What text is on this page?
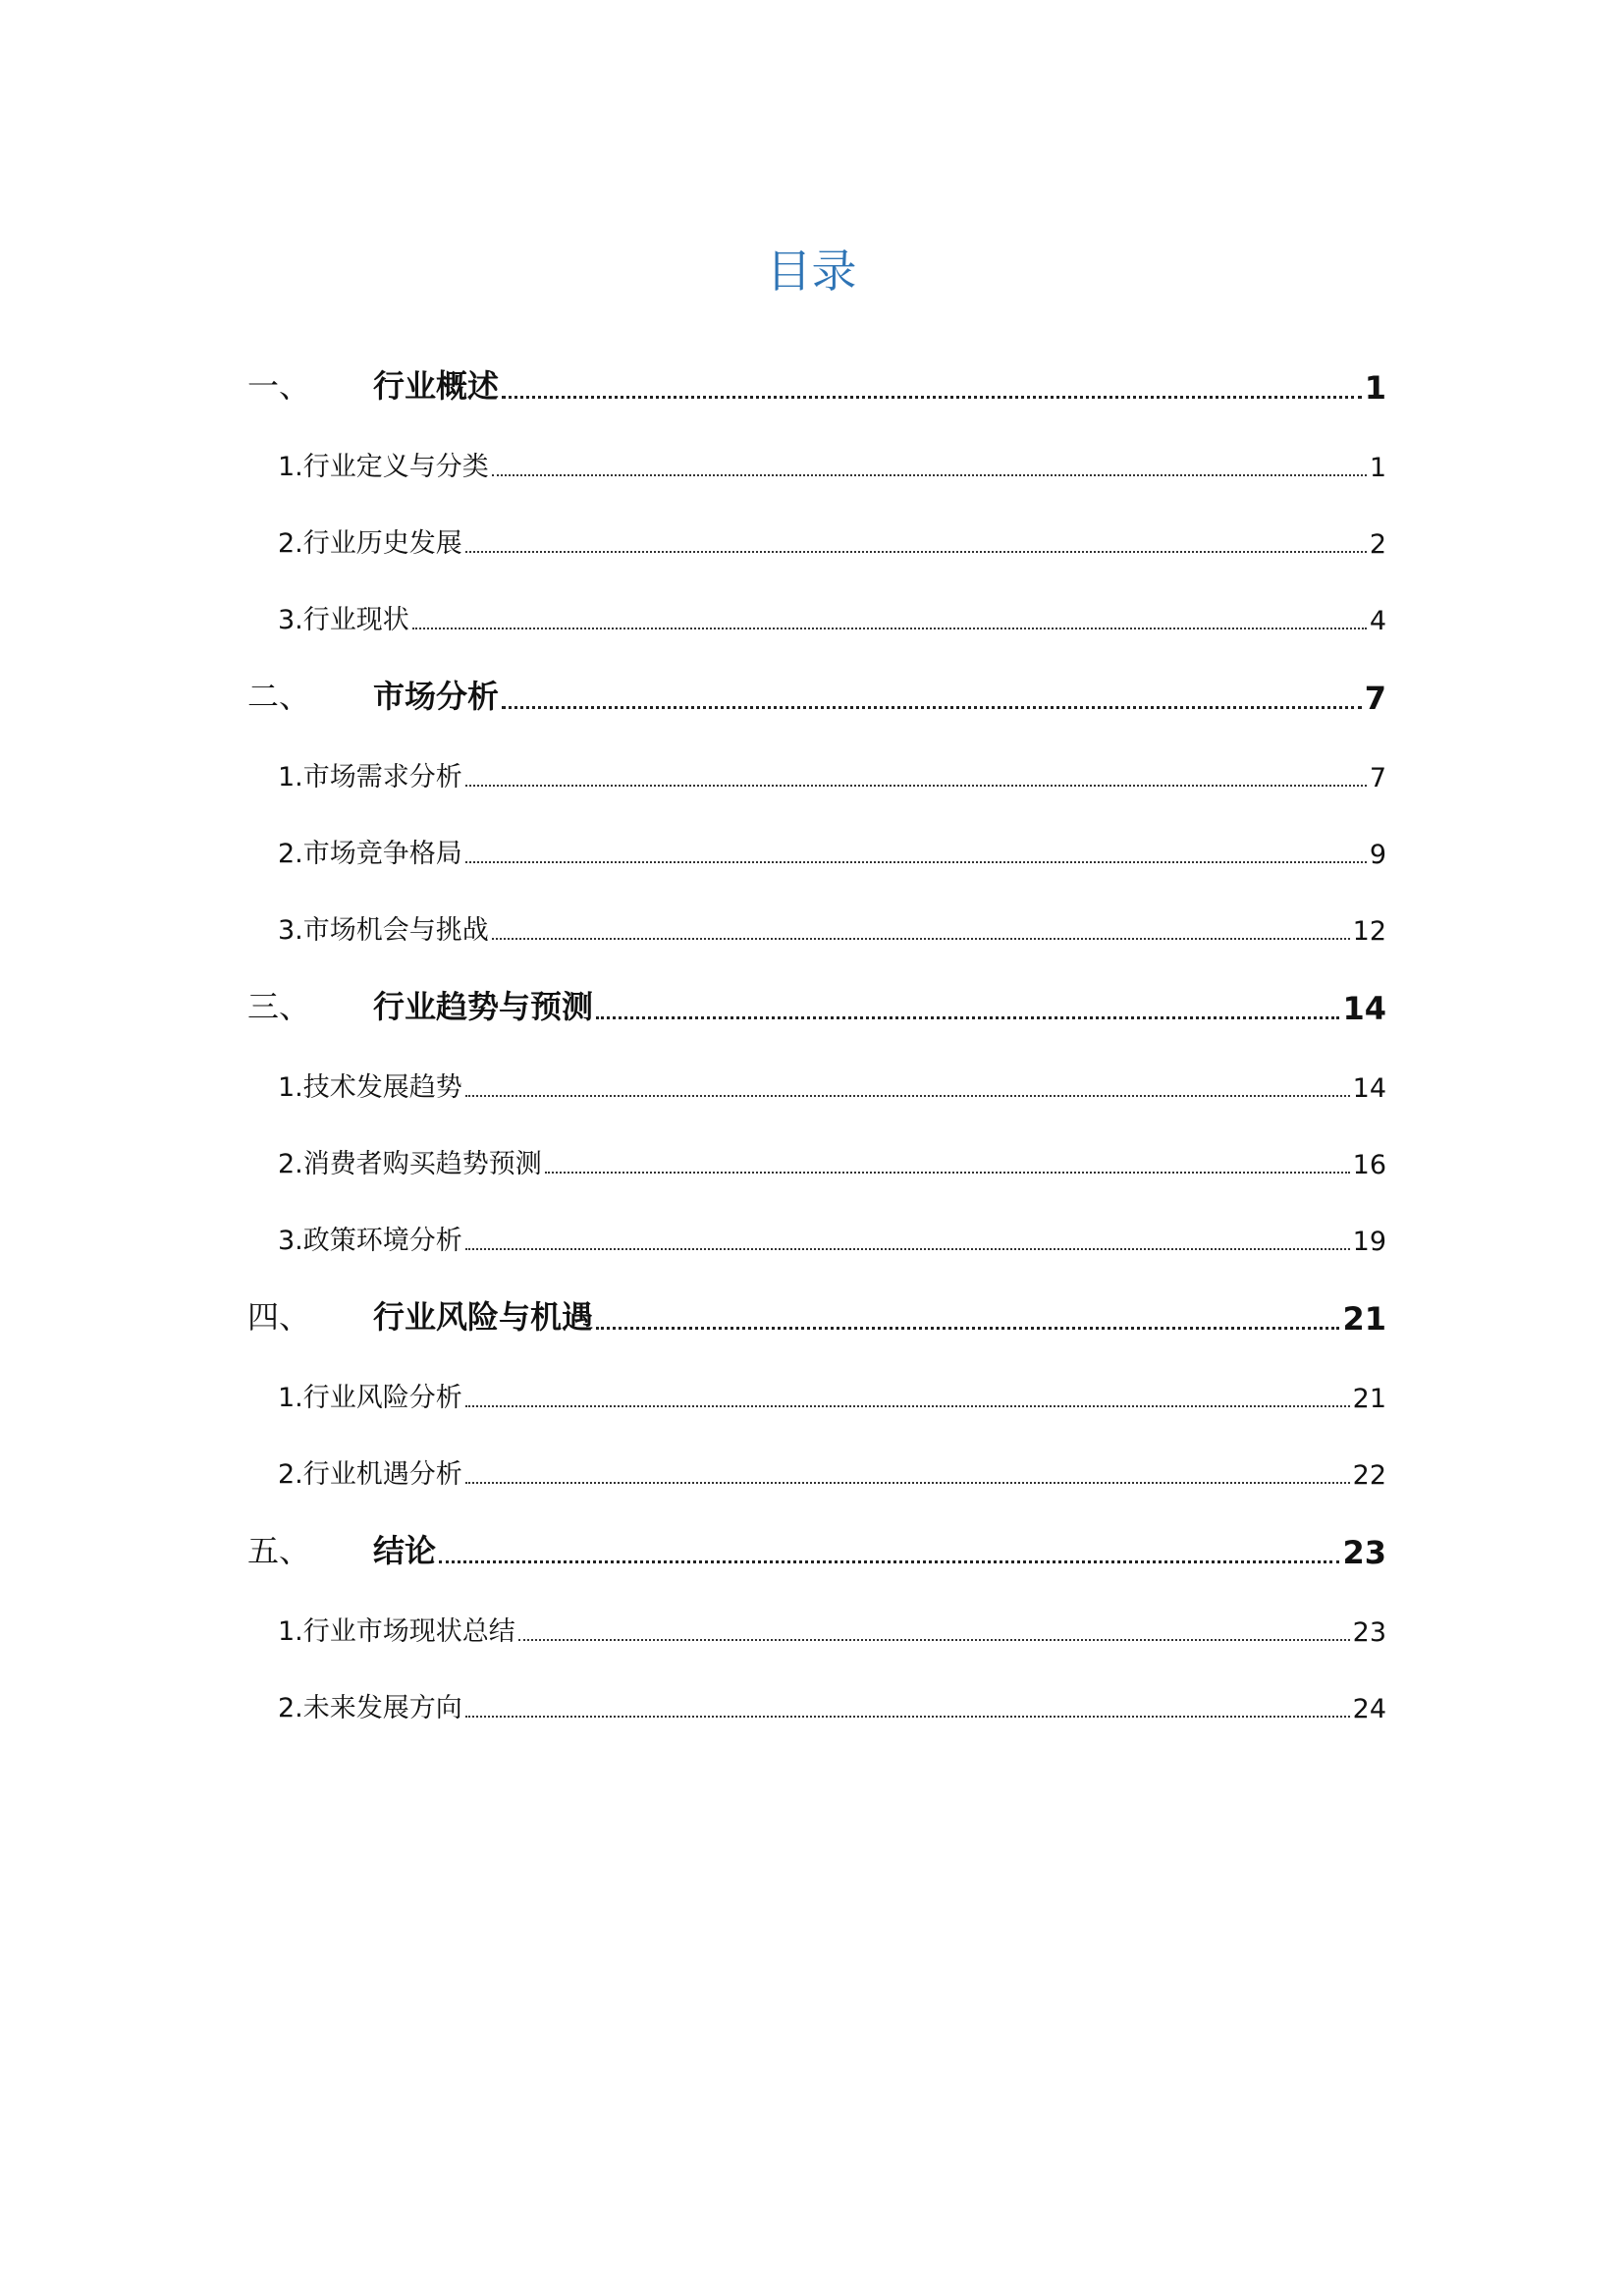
目录
一、	行业概述	1
1.行业定义与分类	1
2.行业历史发展	2
3.行业现状	4
二、	市场分析	7
1.市场需求分析	7
2.市场竞争格局	9
3.市场机会与挑战	12
三、	行业趋势与预测	14
1.技术发展趋势	14
2.消费者购买趋势预测	16
3.政策环境分析	19
四、	行业风险与机遇	21
1.行业风险分析	21
2.行业机遇分析	22
五、	结论	23
1.行业市场现状总结	23
2.未来发展方向	24
